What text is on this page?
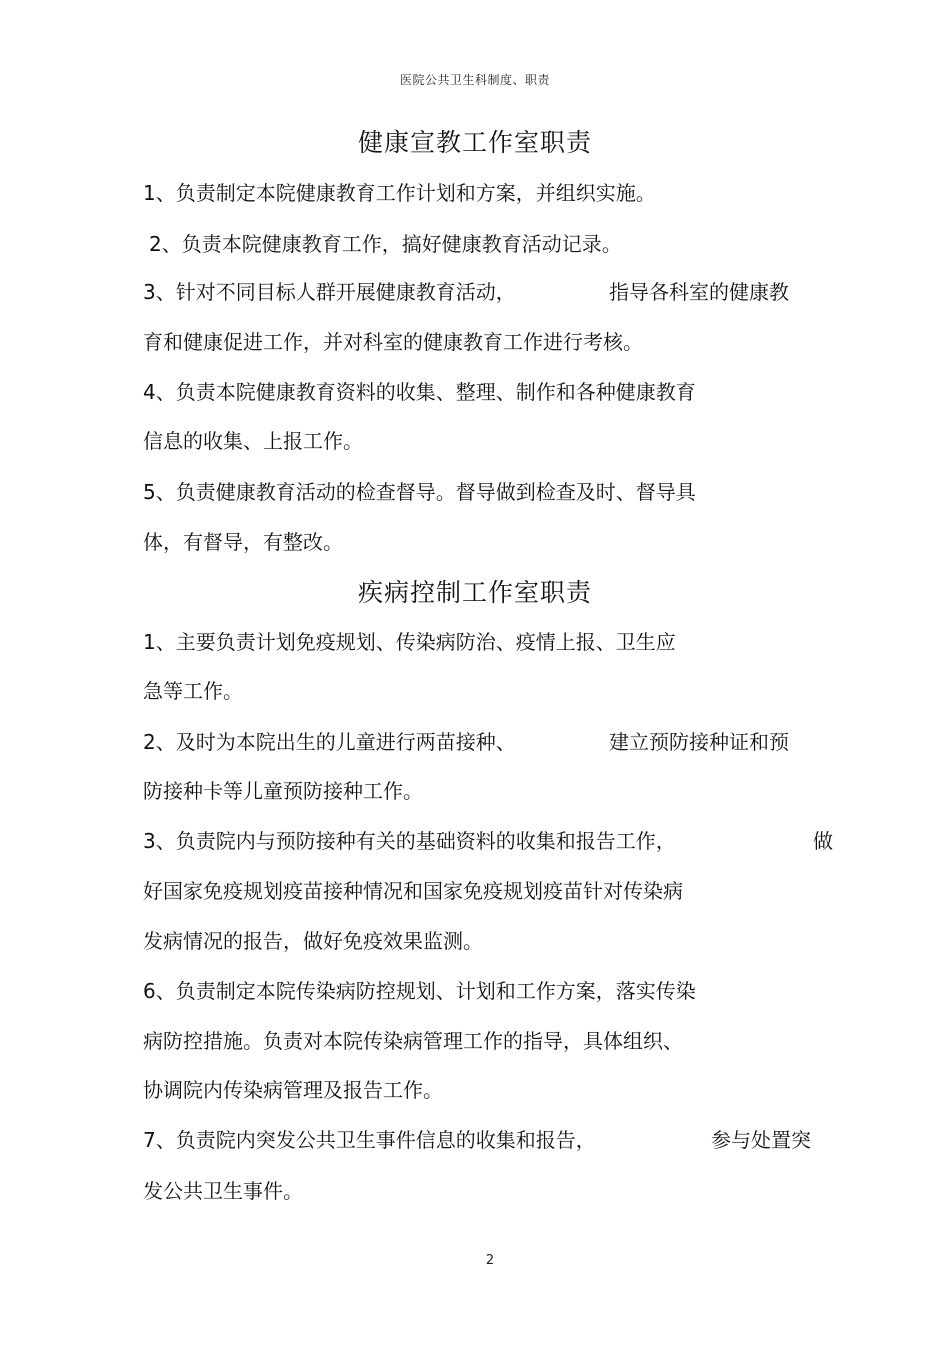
医院公共卫生科制度、职责
健康宣教工作室职责
1、负责制定本院健康教育工作计划和方案，并组织实施。
2、负责本院健康教育工作，搞好健康教育活动记录。
3、针对不同目标人群开展健康教育活动，	指导各科室的健康教
育和健康促进工作，并对科室的健康教育工作进行考核。
4、负责本院健康教育资料的收集、整理、制作和各种健康教育
信息的收集、上报工作。
5、负责健康教育活动的检查督导。督导做到检查及时、督导具
体，有督导，有整改。
疾病控制工作室职责
1、主要负责计划免疫规划、传染病防治、疫情上报、卫生应
急等工作。
2、及时为本院出生的儿童进行两苗接种、	建立预防接种证和预
防接种卡等儿童预防接种工作。
3、负责院内与预防接种有关的基础资料的收集和报告工作，	做
好国家免疫规划疫苗接种情况和国家免疫规划疫苗针对传染病
发病情况的报告，做好免疫效果监测。
6、负责制定本院传染病防控规划、计划和工作方案，落实传染
病防控措施。负责对本院传染病管理工作的指导，具体组织、
协调院内传染病管理及报告工作。
7、负责院内突发公共卫生事件信息的收集和报告，	参与处置突
发公共卫生事件。
2
